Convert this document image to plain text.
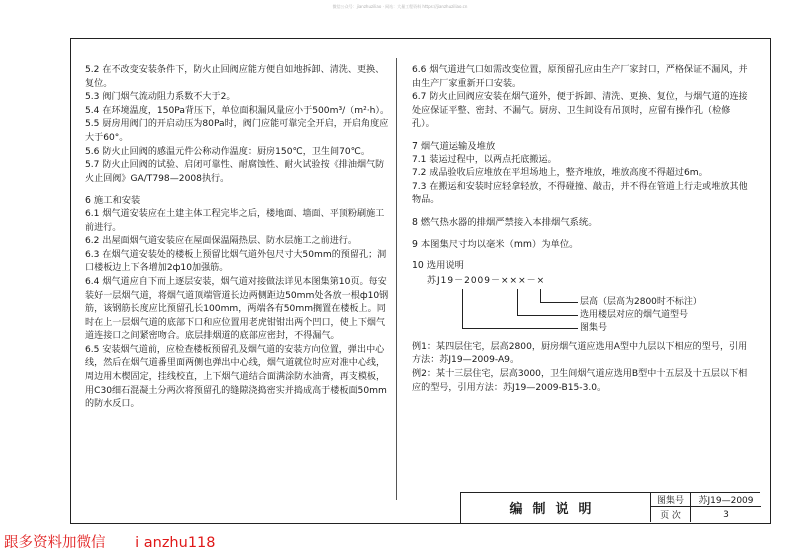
微信公众号：jianzhuziliao · 网站：大量工程资料 https://jianzhuziliao.cn

5.2 在不改变安装条件下，防火止回阀应能方便自如地拆卸、清洗、更换、复位。

5.3 阀门烟气流动阻力系数不大于2。

5.4 在环境温度，150Pa背压下，单位面积漏风量应小于500m³/（m²·h）。

5.5 厨房用阀门的开启动压为80Pa时，阀门应能可靠完全开启，开启角度应大于60°。

5.6 防火止回阀的感温元件公称动作温度：厨房150℃，卫生间70℃。

5.7 防火止回阀的试验、启闭可靠性、耐腐蚀性、耐火试验按《排油烟气防火止回阀》GA/T798—2008执行。

6 施工和安装

6.1 烟气道安装应在土建主体工程完毕之后，楼地面、墙面、平顶粉刷施工前进行。

6.2 出屋面烟气道安装应在屋面保温隔热层、防水层施工之前进行。

6.3 在烟气道安装处的楼板上预留比烟气道外包尺寸大50mm的预留孔；洞口楼板边上下各增加2ф10加强筋。

6.4 烟气道应自下而上逐层安装，烟气道对接做法详见本图集第10页。每安装好一层烟气道，将烟气道顶端管道长边两侧距边50mm处各放一根ф10钢筋，该钢筋长度应比预留孔长100mm，两端各有50mm搁置在楼板上。同时在上一层烟气道的底部下口和应位置用老虎钳钳出两个凹口，使上下烟气道连接口之间紧密吻合。底层排烟道的底部应密封，不得漏气。

6.5 安装烟气道前，应检查楼板预留孔及烟气道的安装方向位置，弹出中心线，然后在烟气道番里面两侧也弹出中心线，烟气道就位时应对准中心线，周边用木楔固定，挂线校直，上下烟气道结合面满涂防水油膏，再支模板，用C30细石混凝土分两次将预留孔的缝隙浇捣密实并捣成高于楼板面50mm的防水反口。

6.6 烟气道进气口如需改变位置，原预留孔应由生产厂家封口，严格保证不漏风，并由生产厂家重新开口安装。

6.7 防火止回阀应安装在烟气道外，便于拆卸、清洗、更换、复位，与烟气道的连接处应保证平整、密封、不漏气。厨房、卫生间设有吊顶时，应留有操作孔（检修孔）。

7 烟气道运输及堆放

7.1 装运过程中，以两点托底搬运。

7.2 成品验收后应堆放在平坦场地上，整齐堆放，堆放高度不得超过6m。

7.3 在搬运和安装时应轻拿轻放，不得碰撞、敲击，并不得在管道上行走或堆放其他物品。

8 燃气热水器的排烟严禁接入本排烟气系统。

9 本图集尺寸均以毫米（mm）为单位。

10 选用说明

苏J19－2009－×××－×
层高（层高为2800时不标注）
选用楼层对应的烟气道型号
图集号

例1：某四层住宅，层高2800，厨房烟气道应选用A型中九层以下相应的型号，引用方法：苏J19—2009-A9。

例2：某十三层住宅，层高3000，卫生间烟气道应选用B型中十五层及十五层以下相应的型号，引用方法：苏J19—2009-B15-3.0。

编制说明
图集号	苏J19—2009
页 次	3
跟多资料加微信 i anzhu118
